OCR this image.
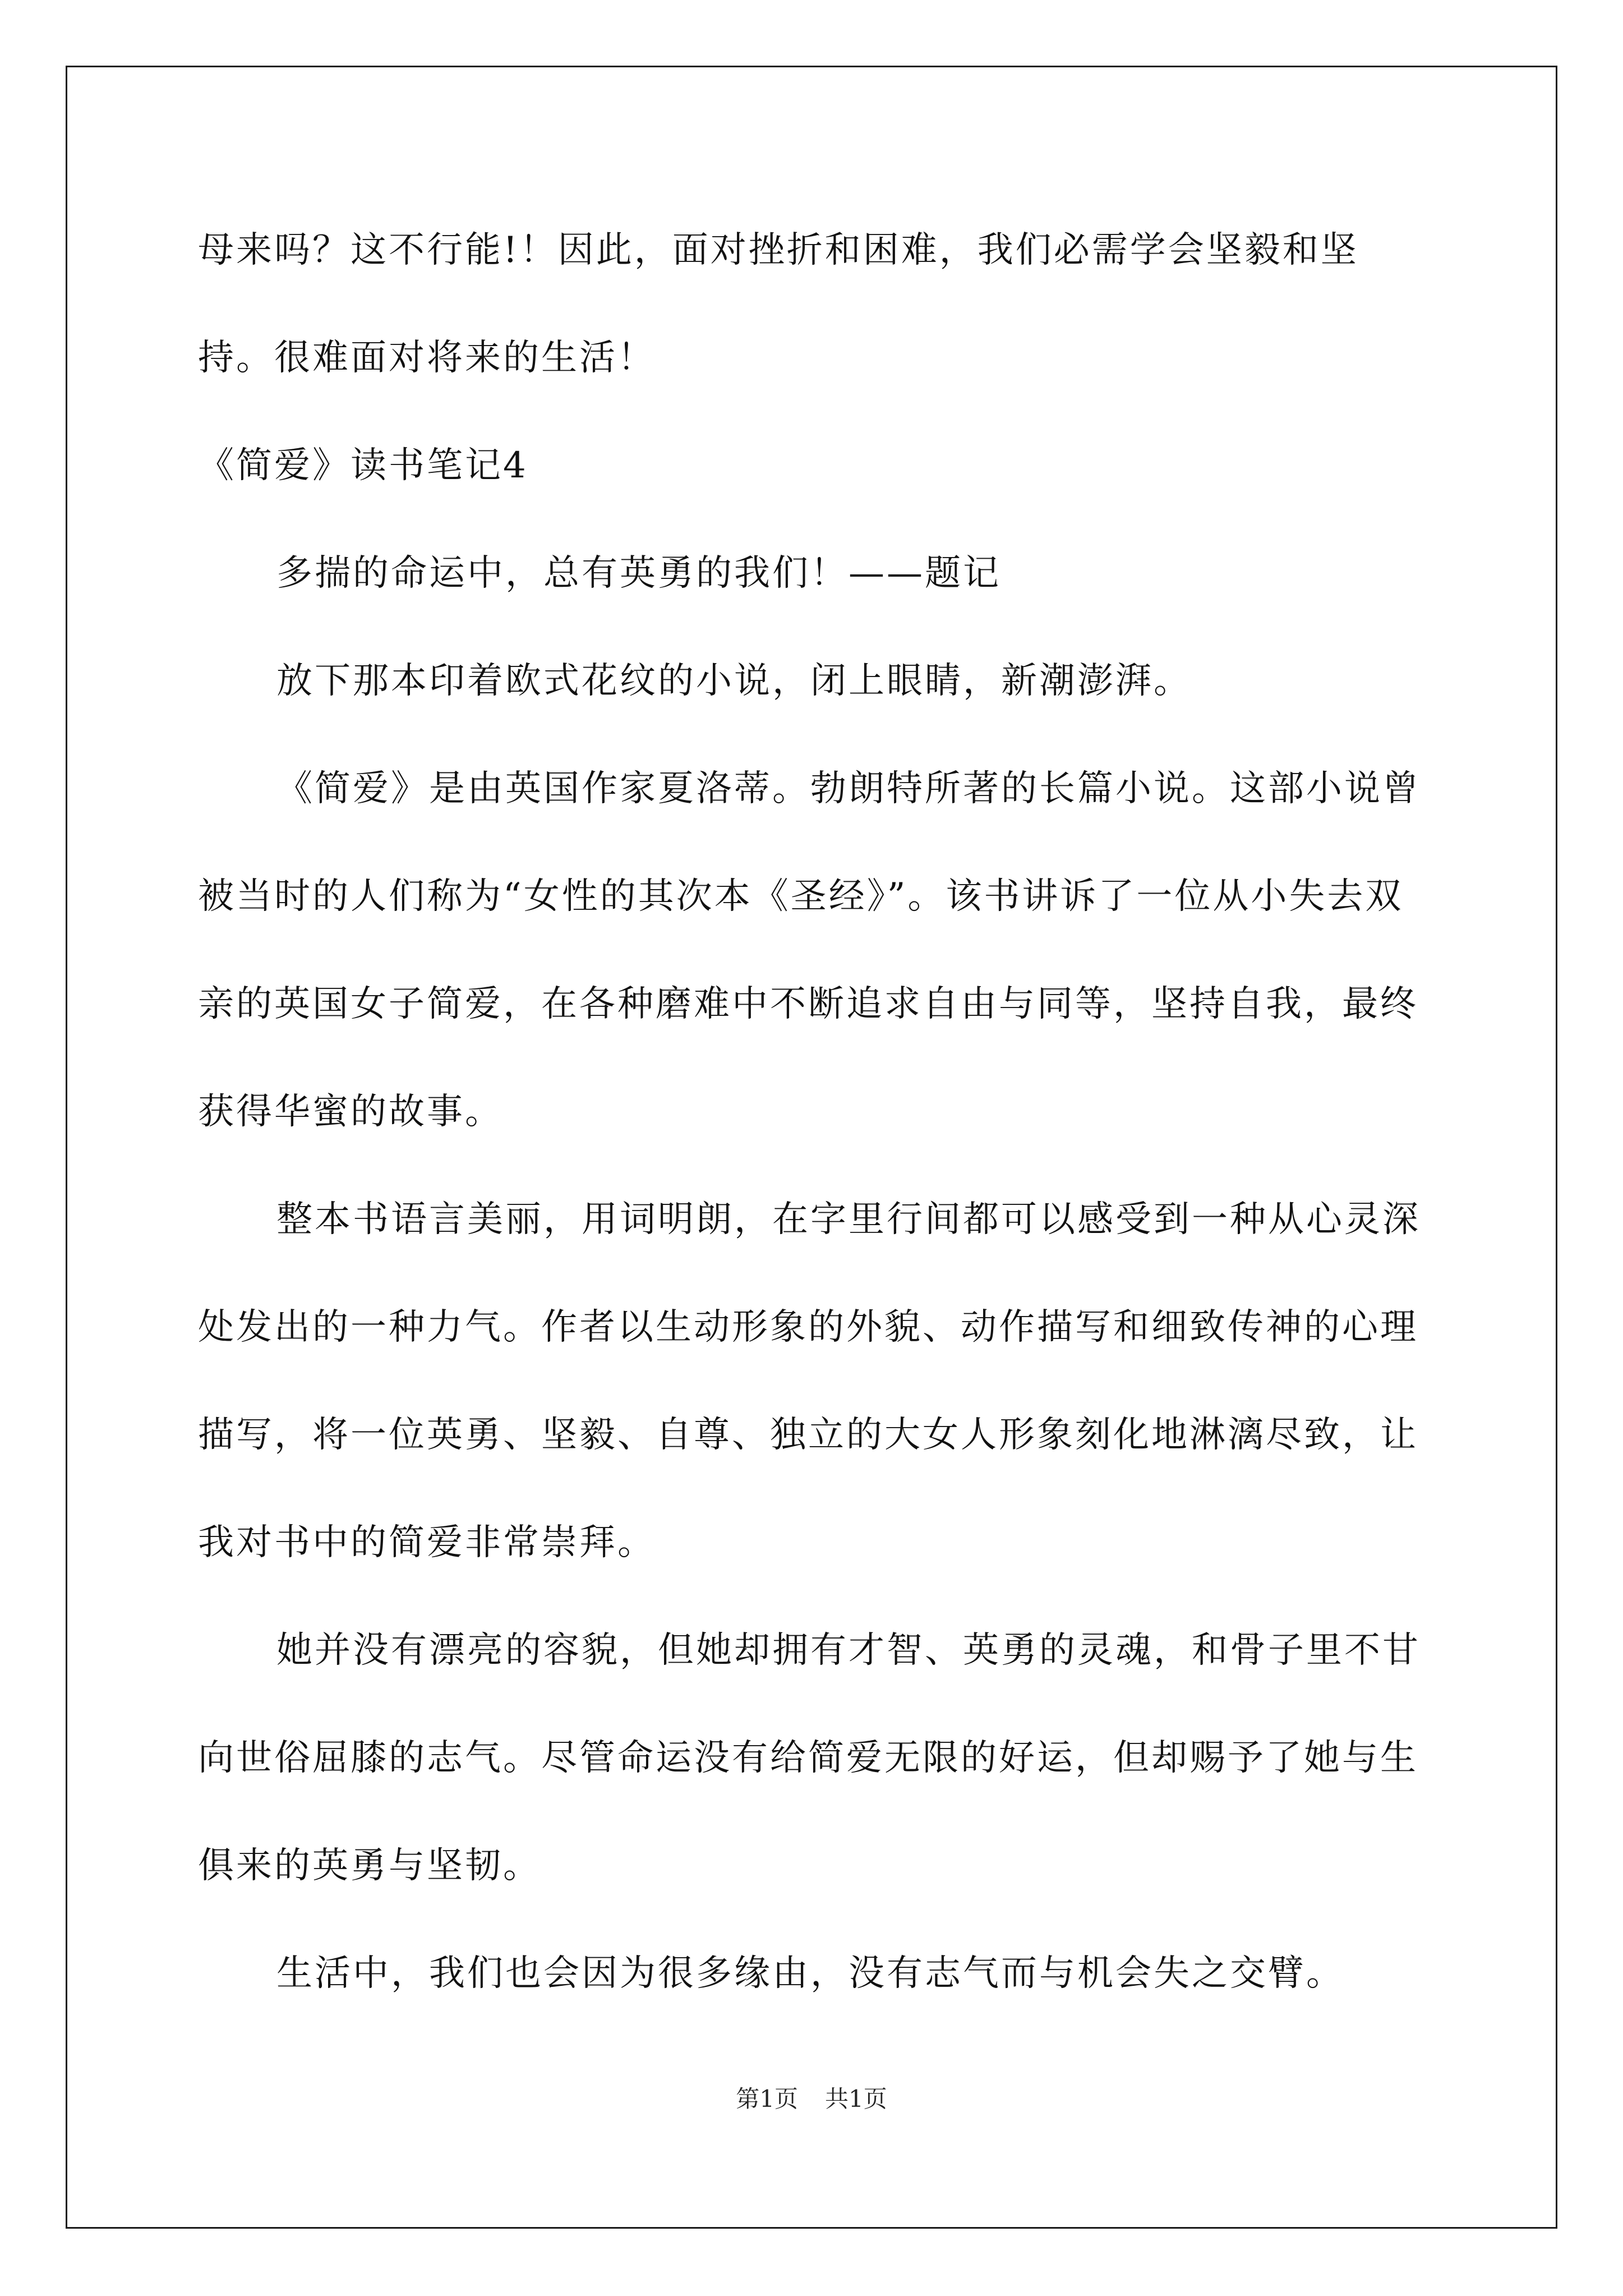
母来吗？这不行能!！因此，面对挫折和困难，我们必需学会坚毅和坚持。很难面对将来的生活！

《简爱》读书笔记4

多揣的命运中，总有英勇的我们！——题记

放下那本印着欧式花纹的小说，闭上眼睛，新潮澎湃。

《简爱》是由英国作家夏洛蒂。勃朗特所著的长篇小说。这部小说曾被当时的人们称为“女性的其次本《圣经》”。该书讲诉了一位从小失去双亲的英国女子简爱，在各种磨难中不断追求自由与同等，坚持自我，最终获得华蜜的故事。

整本书语言美丽，用词明朗，在字里行间都可以感受到一种从心灵深处发出的一种力气。作者以生动形象的外貌、动作描写和细致传神的心理描写，将一位英勇、坚毅、自尊、独立的大女人形象刻化地淋漓尽致，让我对书中的简爱非常崇拜。

她并没有漂亮的容貌，但她却拥有才智、英勇的灵魂，和骨子里不甘向世俗屈膝的志气。尽管命运没有给简爱无限的好运，但却赐予了她与生俱来的英勇与坚韧。

生活中，我们也会因为很多缘由，没有志气而与机会失之交臂。

第1页 共1页
